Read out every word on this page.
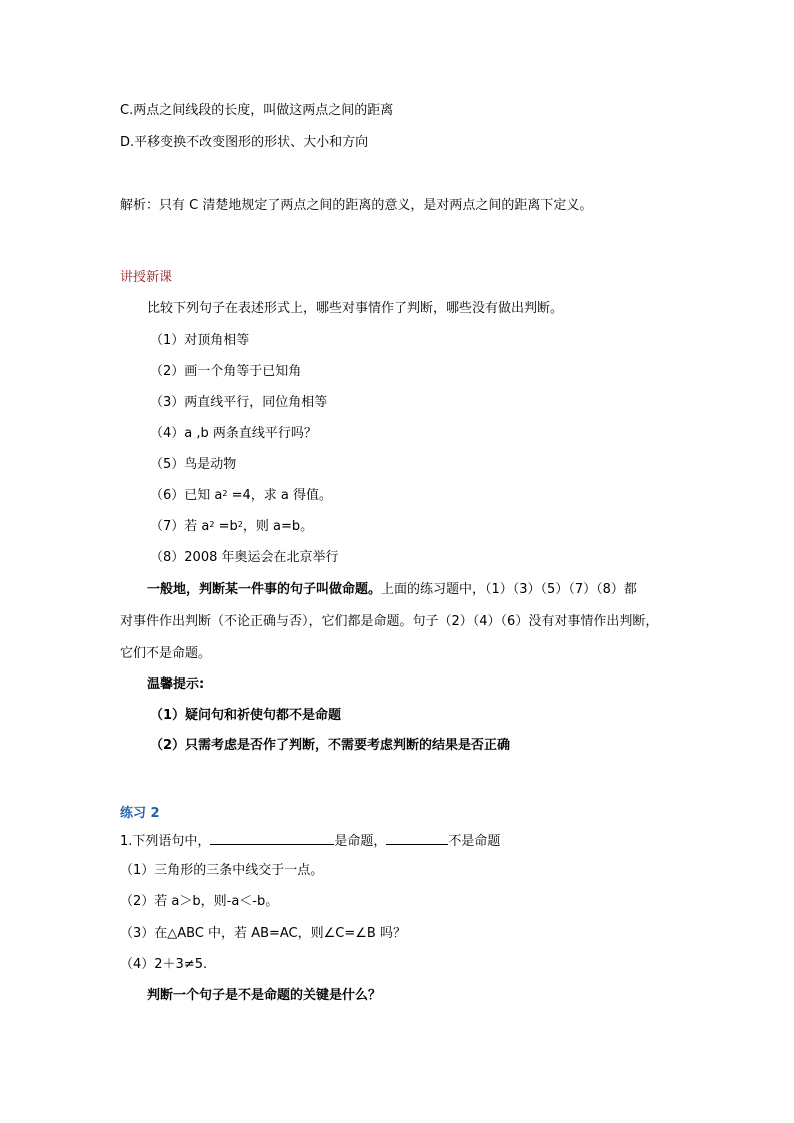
C.两点之间线段的长度，叫做这两点之间的距离
D.平移变换不改变图形的形状、大小和方向
解析：只有 C 清楚地规定了两点之间的距离的意义，是对两点之间的距离下定义。
讲授新课
比较下列句子在表述形式上，哪些对事情作了判断，哪些没有做出判断。
（1）对顶角相等
（2）画一个角等于已知角
（3）两直线平行，同位角相等
（4）a ,b 两条直线平行吗？
（5）鸟是动物
（6）已知 $a^2 =4$，求 a 得值。
（7）若 $a^2 =b^2$，则 a=b。
（8）2008 年奥运会在北京举行
一般地，判断某一件事的句子叫做命题。上面的练习题中，（1）（3）（5）（7）（8）都
对事件作出判断（不论正确与否），它们都是命题。句子（2）（4）（6）没有对事情作出判断，
它们不是命题。
温馨提示:
（1）疑问句和祈使句都不是命题
（2）只需考虑是否作了判断，不需要考虑判断的结果是否正确
练习 2
1.下列语句中，	是命题，	不是命题
（1）三角形的三条中线交于一点。
（2）若 a＞b，则-a＜-b。
（3）在△ABC 中，若 AB=AC，则∠C=∠B 吗？
（4）2＋3≠5.
判断一个句子是不是命题的关键是什么？
